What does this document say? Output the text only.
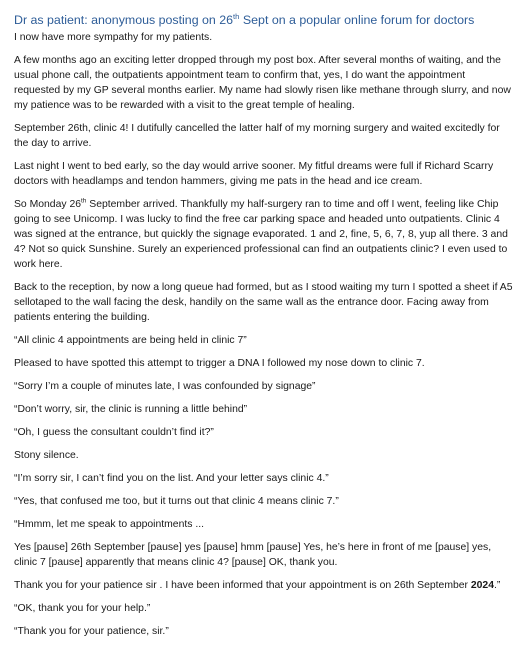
Dr as patient: anonymous posting on 26th Sept on a popular online forum for doctors

I now have more sympathy for my patients.

A few months ago an exciting letter dropped through my post box. After several months of waiting, and the usual phone call, the outpatients appointment team to confirm that, yes, I do want the appointment requested by my GP several months earlier. My name had slowly risen like methane through slurry, and now my patience was to be rewarded with a visit to the great temple of healing.

September 26th, clinic 4! I dutifully cancelled the latter half of my morning surgery and waited excitedly for the day to arrive.

Last night I went to bed early, so the day would arrive sooner. My fitful dreams were full if Richard Scarry doctors with headlamps and tendon hammers, giving me pats in the head and ice cream.

So Monday 26th September arrived. Thankfully my half-surgery ran to time and off I went, feeling like Chip going to see Unicomp. I was lucky to find the free car parking space and headed unto outpatients. Clinic 4 was signed at the entrance, but quickly the signage evaporated. 1 and 2, fine, 5, 6, 7, 8, yup all there. 3 and 4? Not so quick Sunshine. Surely an experienced professional can find an outpatients clinic? I even used to work here.

Back to the reception, by now a long queue had formed, but as I stood waiting my turn I spotted a sheet if A5 sellotaped to the wall facing the desk, handily on the same wall as the entrance door. Facing away from patients entering the building.

“All clinic 4 appointments are being held in clinic 7”

Pleased to have spotted this attempt to trigger a DNA I followed my nose down to clinic 7.

“Sorry I’m a couple of minutes late, I was confounded by signage”

“Don’t worry, sir, the clinic is running a little behind”

“Oh, I guess the consultant couldn’t find it?”

Stony silence.

“I’m sorry sir, I can’t find you on the list. And your letter says clinic 4.”

“Yes, that confused me too, but it turns out that clinic 4 means clinic 7.”

“Hmmm, let me speak to appointments ...

Yes [pause] 26th September [pause] yes [pause] hmm [pause] Yes, he’s here in front of me [pause] yes, clinic 7 [pause] apparently that means clinic 4? [pause] OK, thank you.

Thank you for your patience sir . I have been informed that your appointment is on 26th September 2024.”

“OK, thank you for your help.”

“Thank you for your patience, sir.”
